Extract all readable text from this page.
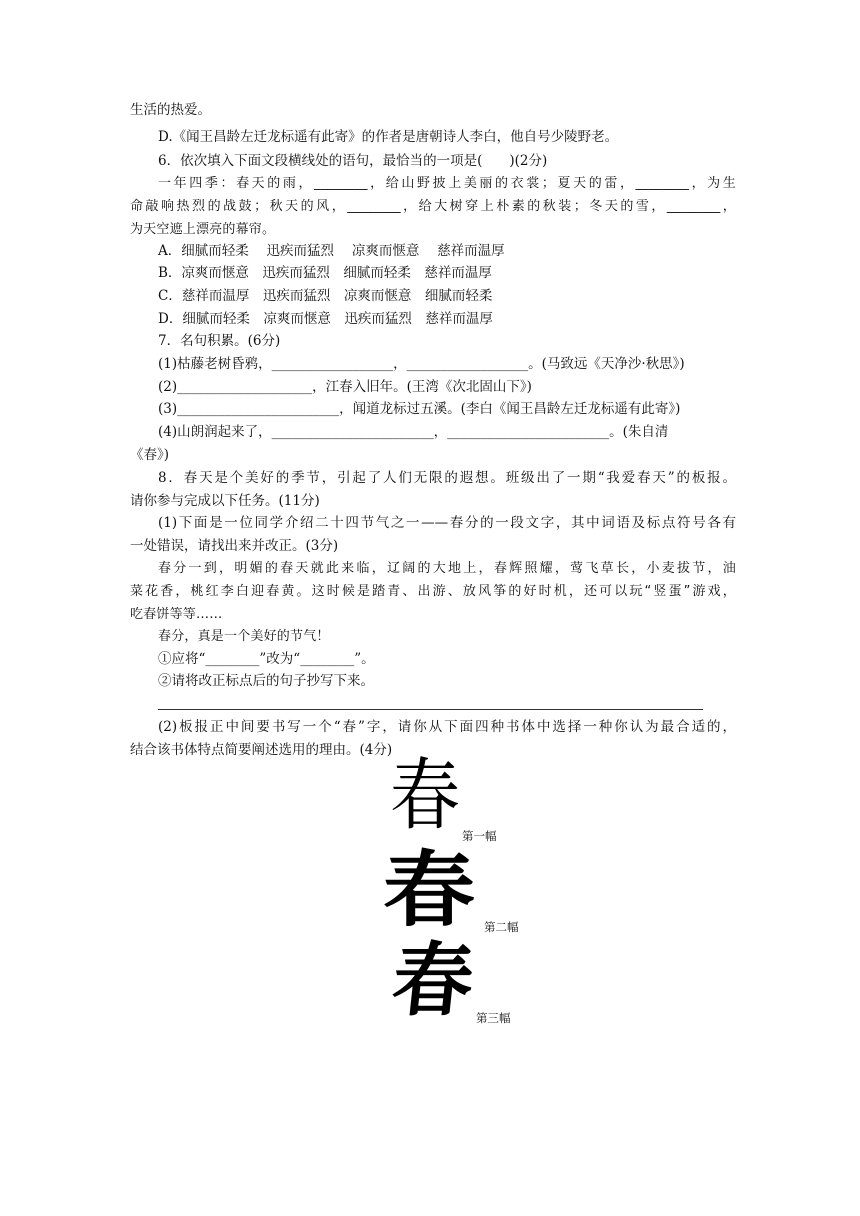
生活的热爱。
D.《闻王昌龄左迁龙标遥有此寄》的作者是唐朝诗人李白，他自号少陵野老。
6．依次填入下面文段横线处的语句，最恰当的一项是(　　)(2分)
一年四季：春天的雨，________，给山野披上美丽的衣裳；夏天的雷，________，为生
命敲响热烈的战鼓；秋天的风，________，给大树穿上朴素的秋装；冬天的雪，________，
为天空遮上漂亮的幕帘。
A．细腻而轻柔　 迅疾而猛烈　 凉爽而惬意　 慈祥而温厚
B．凉爽而惬意　迅疾而猛烈　细腻而轻柔　慈祥而温厚
C．慈祥而温厚　迅疾而猛烈　凉爽而惬意　细腻而轻柔
D．细腻而轻柔　凉爽而惬意　迅疾而猛烈　慈祥而温厚
7．名句积累。(6分)
(1)枯藤老树昏鸦，__________________，__________________。(马致远《天净沙·秋思》)
(2)____________________，江春入旧年。(王湾《次北固山下》)
(3)________________________，闻道龙标过五溪。(李白《闻王昌龄左迁龙标遥有此寄》)
(4)山朗润起来了，________________________，________________________。(朱自清
《春》)
8．春天是个美好的季节，引起了人们无限的遐想。班级出了一期“我爱春天”的板报。
请你参与完成以下任务。(11分)
(1)下面是一位同学介绍二十四节气之一——春分的一段文字，其中词语及标点符号各有
一处错误，请找出来并改正。(3分)
春分一到，明媚的春天就此来临，辽阔的大地上，春辉照耀，莺飞草长，小麦拔节，油
菜花香，桃红李白迎春黄。这时候是踏青、出游、放风筝的好时机，还可以玩“竖蛋”游戏，
吃春饼等等……
春分，真是一个美好的节气！
①应将“________”改为“________”。
②请将改正标点后的句子抄写下来。
(2)板报正中间要书写一个“春”字，请你从下面四种书体中选择一种你认为最合适的，
结合该书体特点简要阐述选用的理由。(4分)
春 第一幅
春 第二幅
春
第三幅
